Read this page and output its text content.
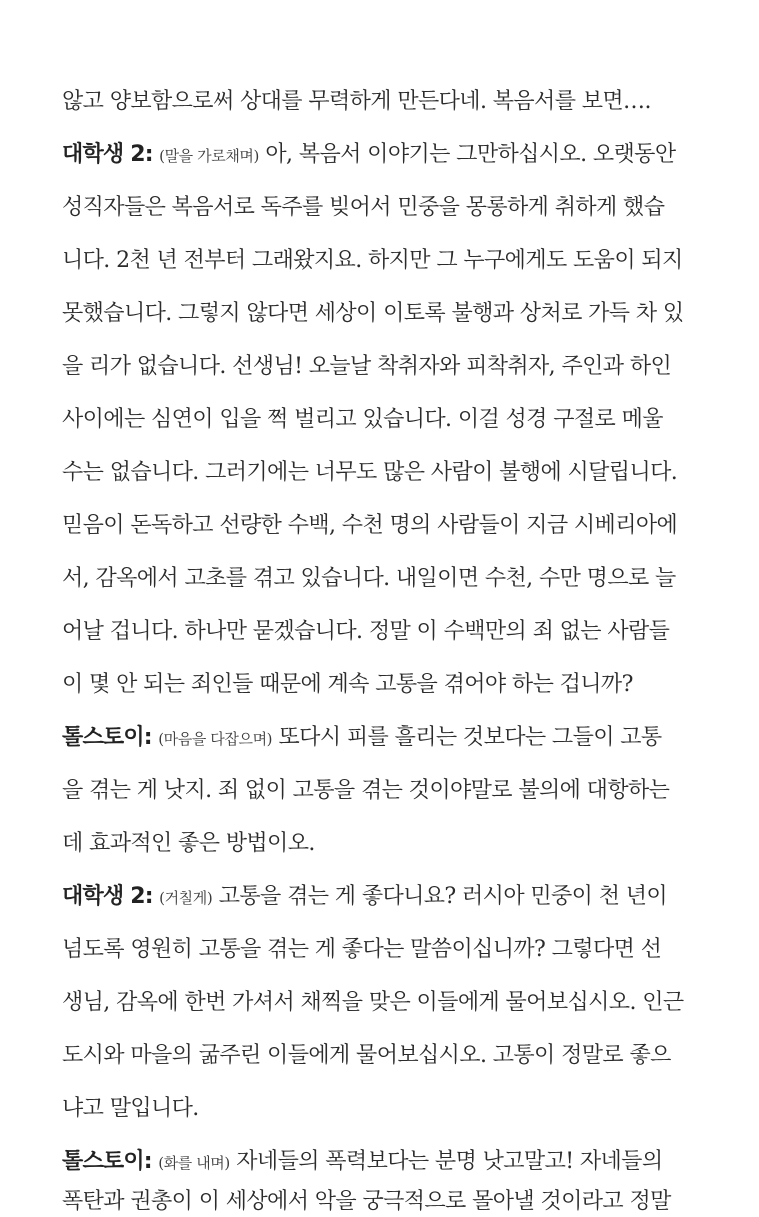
않고 양보함으로써 상대를 무력하게 만든다네. 복음서를 보면….
대학생 2: (말을 가로채며) 아, 복음서 이야기는 그만하십시오. 오랫동안
성직자들은 복음서로 독주를 빚어서 민중을 몽롱하게 취하게 했습
니다. 2천 년 전부터 그래왔지요. 하지만 그 누구에게도 도움이 되지
못했습니다. 그렇지 않다면 세상이 이토록 불행과 상처로 가득 차 있
을 리가 없습니다. 선생님! 오늘날 착취자와 피착취자, 주인과 하인
사이에는 심연이 입을 쩍 벌리고 있습니다. 이걸 성경 구절로 메울
수는 없습니다. 그러기에는 너무도 많은 사람이 불행에 시달립니다.
믿음이 돈독하고 선량한 수백, 수천 명의 사람들이 지금 시베리아에
서, 감옥에서 고초를 겪고 있습니다. 내일이면 수천, 수만 명으로 늘
어날 겁니다. 하나만 묻겠습니다. 정말 이 수백만의 죄 없는 사람들
이 몇 안 되는 죄인들 때문에 계속 고통을 겪어야 하는 겁니까?
톨스토이: (마음을 다잡으며) 또다시 피를 흘리는 것보다는 그들이 고통
을 겪는 게 낫지. 죄 없이 고통을 겪는 것이야말로 불의에 대항하는
데 효과적인 좋은 방법이오.
대학생 2: (거칠게) 고통을 겪는 게 좋다니요? 러시아 민중이 천 년이
넘도록 영원히 고통을 겪는 게 좋다는 말씀이십니까? 그렇다면 선
생님, 감옥에 한번 가셔서 채찍을 맞은 이들에게 물어보십시오. 인근
도시와 마을의 굶주린 이들에게 물어보십시오. 고통이 정말로 좋으
냐고 말입니다.
톨스토이: (화를 내며) 자네들의 폭력보다는 분명 낫고말고! 자네들의
폭탄과 권총이 이 세상에서 악을 궁극적으로 몰아낼 것이라고 정말
